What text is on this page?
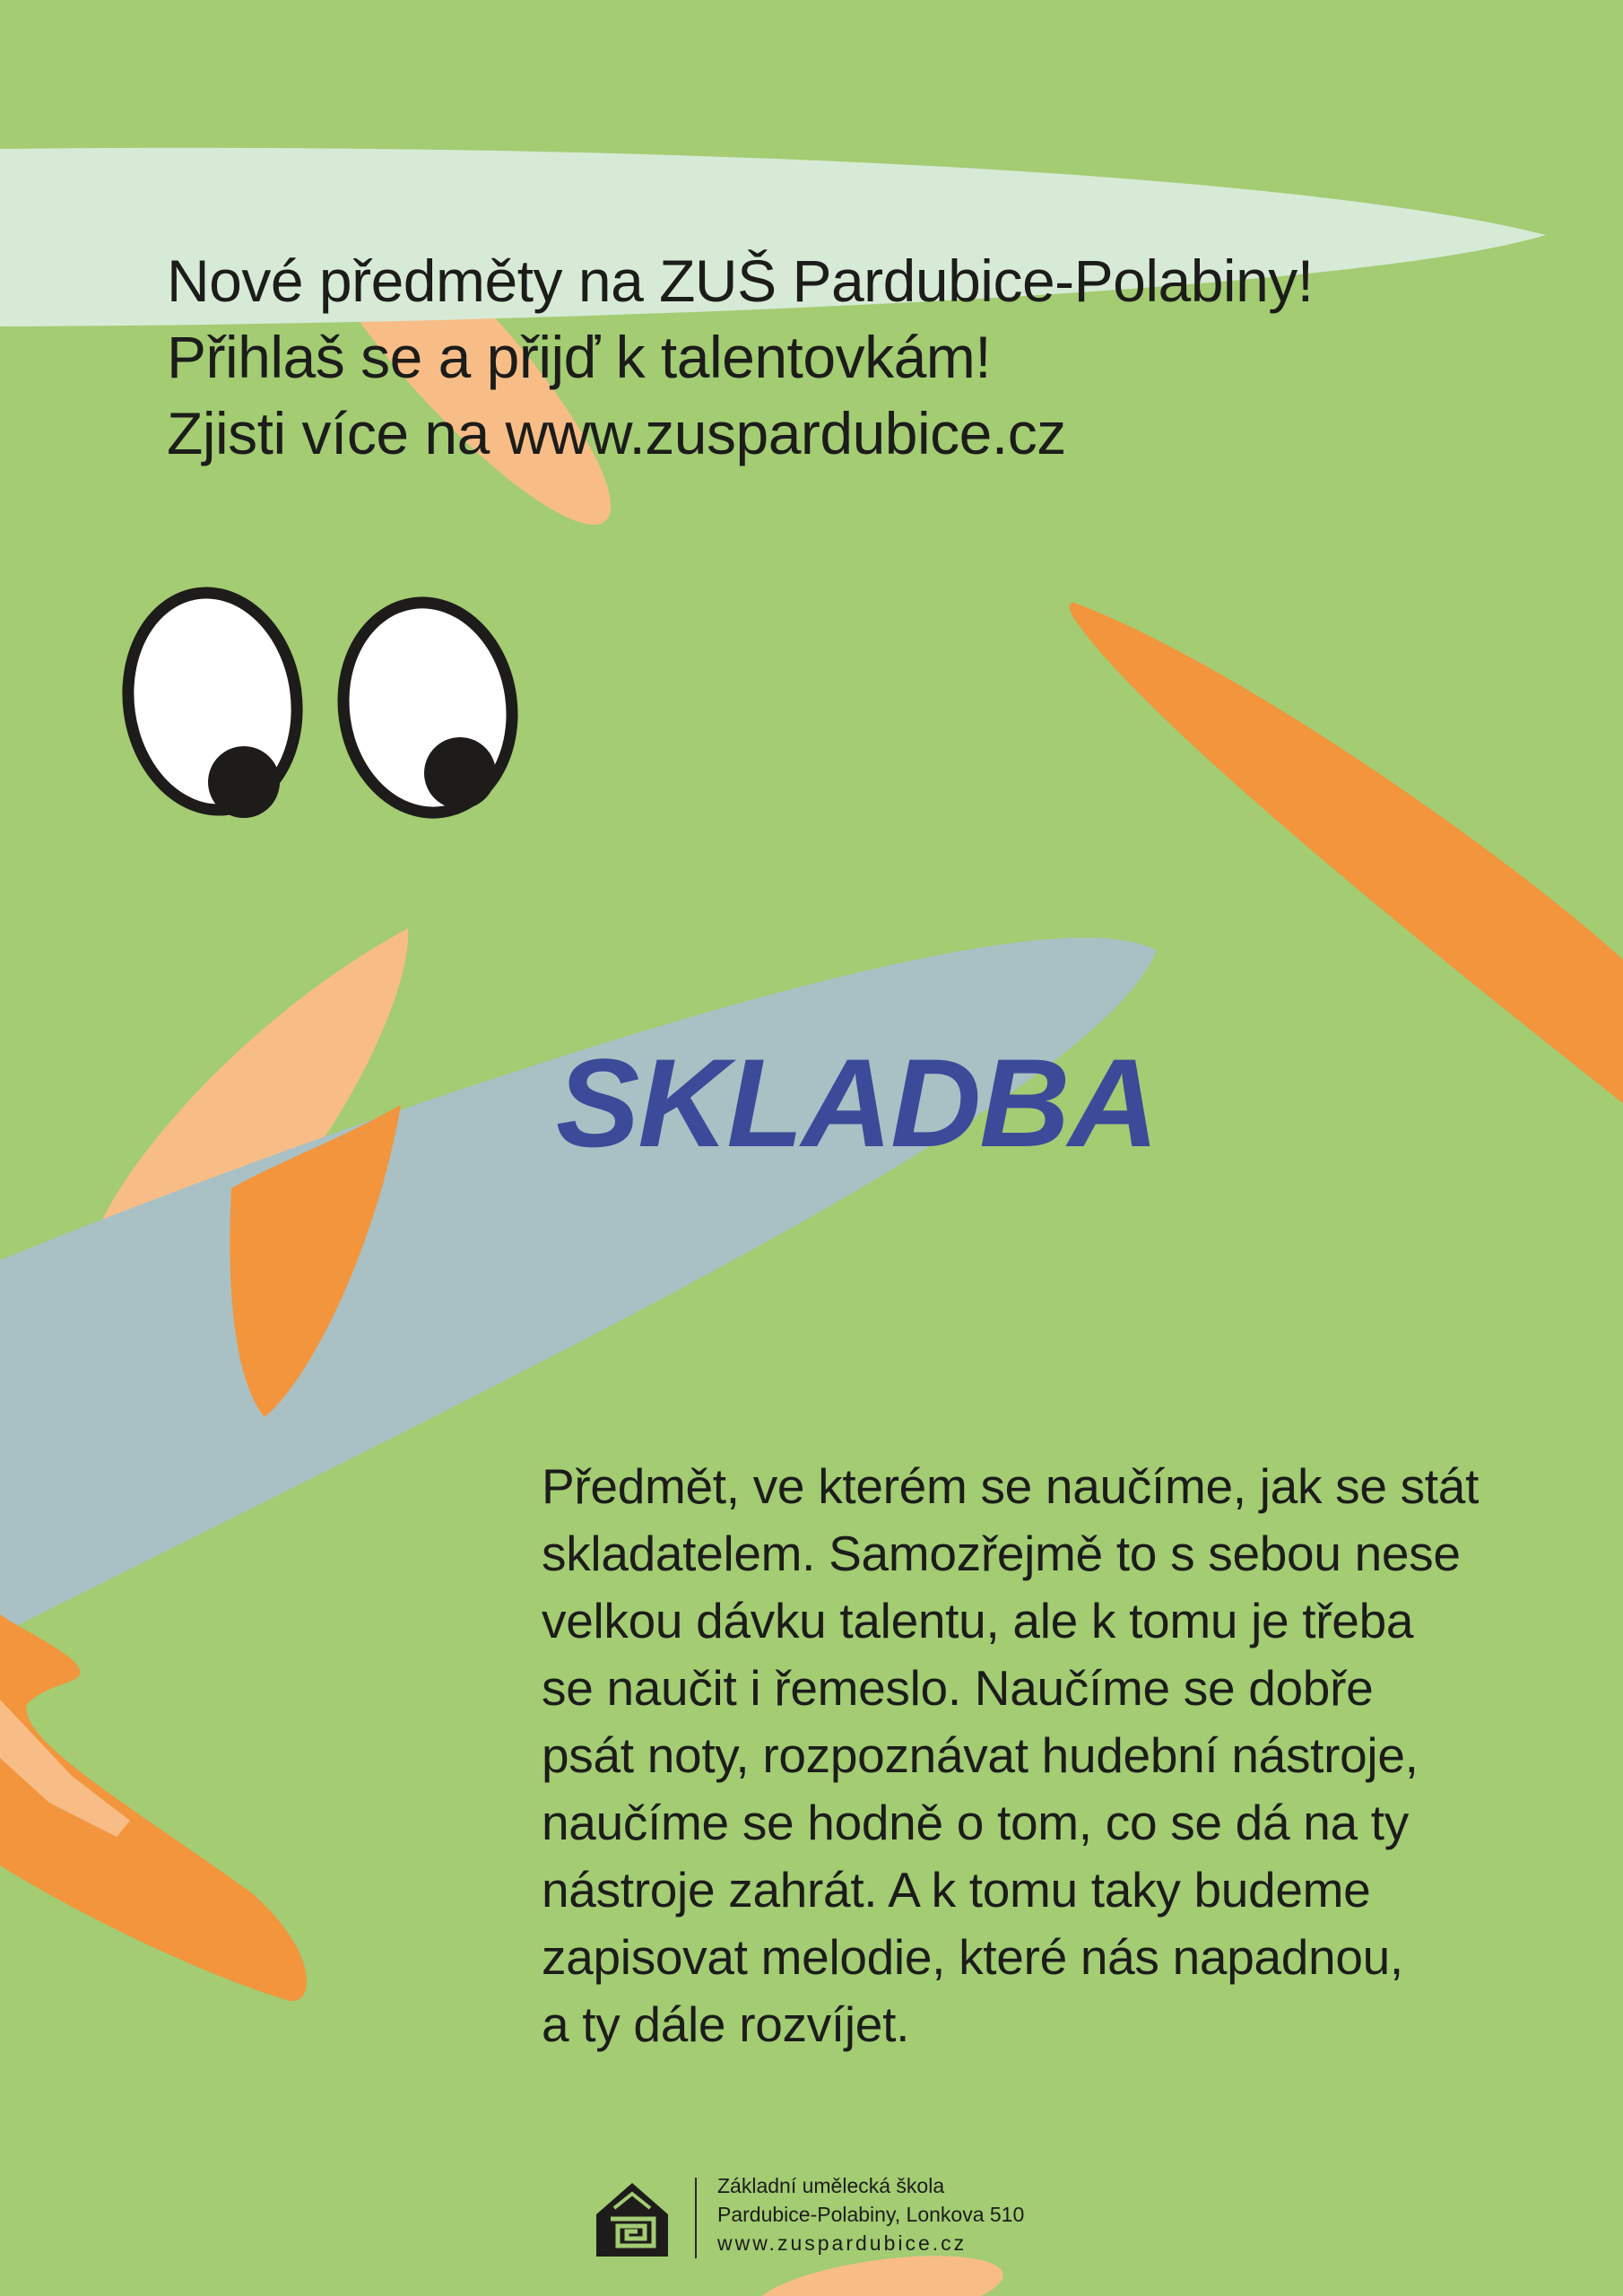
Nové předměty na ZUŠ Pardubice-Polabiny!

Přihlaš se a přijď k talentovkám!

Zjisti více na www.zuspardubice.cz

SKLADBA

Předmět, ve kterém se naučíme, jak se stát
skladatelem. Samozřejmě to s sebou nese
velkou dávku talentu, ale k tomu je třeba
se naučit i řemeslo. Naučíme se dobře
psát noty, rozpoznávat hudební nástroje,
naučíme se hodně o tom, co se dá na ty
nástroje zahrát. A k tomu taky budeme
zapisovat melodie, které nás napadnou,
a ty dále rozvíjet.

Základní umělecká škola
Pardubice-Polabiny, Lonkova 510
www.zuspardubice.cz
